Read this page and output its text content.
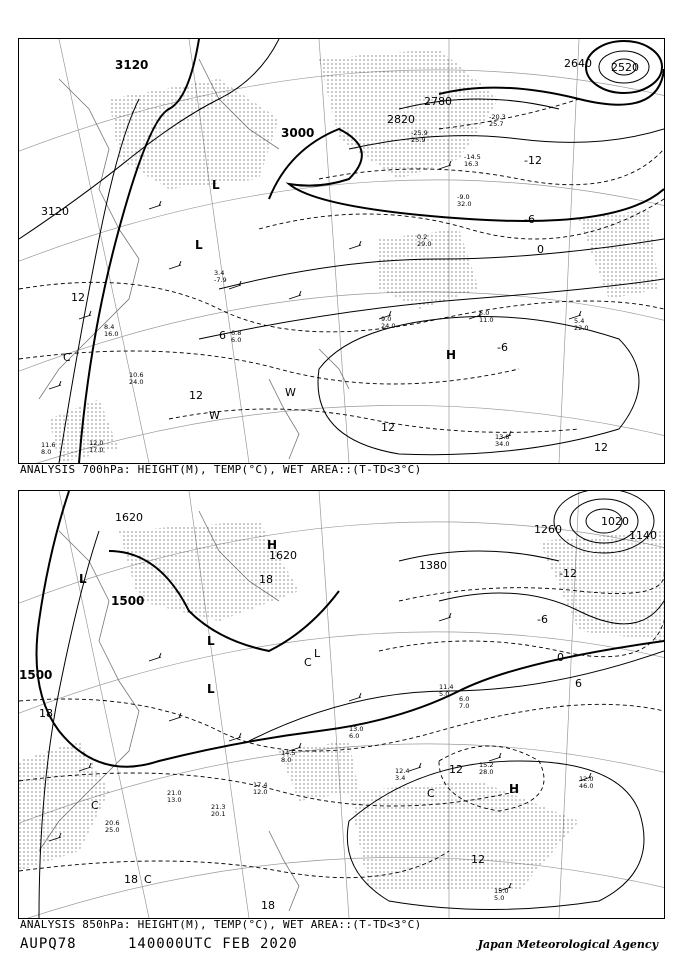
3120
3000
2820
2780
2640 2520
3120
12
12
12
-6
-12
-6
0
6
12
L
L
H
C
W
W
3.4
-7.9
6.8
6.0
5.0
11.0	5.4
22.0
13.8
34.0
10.6
24.0
8.4
16.0
12.0
17.0
11.6
8.0
9.0
24.0
-9.0
32.0
-25.9
25.9
-20.3
25.7
-14.5
16.3
0.2
29.0
ANALYSIS 700hPa: HEIGHT(M), TEMP(°C), WET AREA::(T-TD<3°C)
1620
1620
1500
1500
1380
1260	1140
1020
18
18
18
18
12
12
-12
-6
0
6
H
L
L
L
L
C
C
C	H
C
15.2
28.0
12.0
46.0
15.0
5.0
12.4
3.4
21.3
20.1
17.4
12.0
20.6
25.0
21.0
13.0
6.0
7.0
11.4
5.0
13.0
6.0
14.5
8.0
ANALYSIS 850hPa: HEIGHT(M), TEMP(°C), WET AREA::(T-TD<3°C)
AUPQ78	140000UTC FEB 2020	Japan Meteorological Agency
